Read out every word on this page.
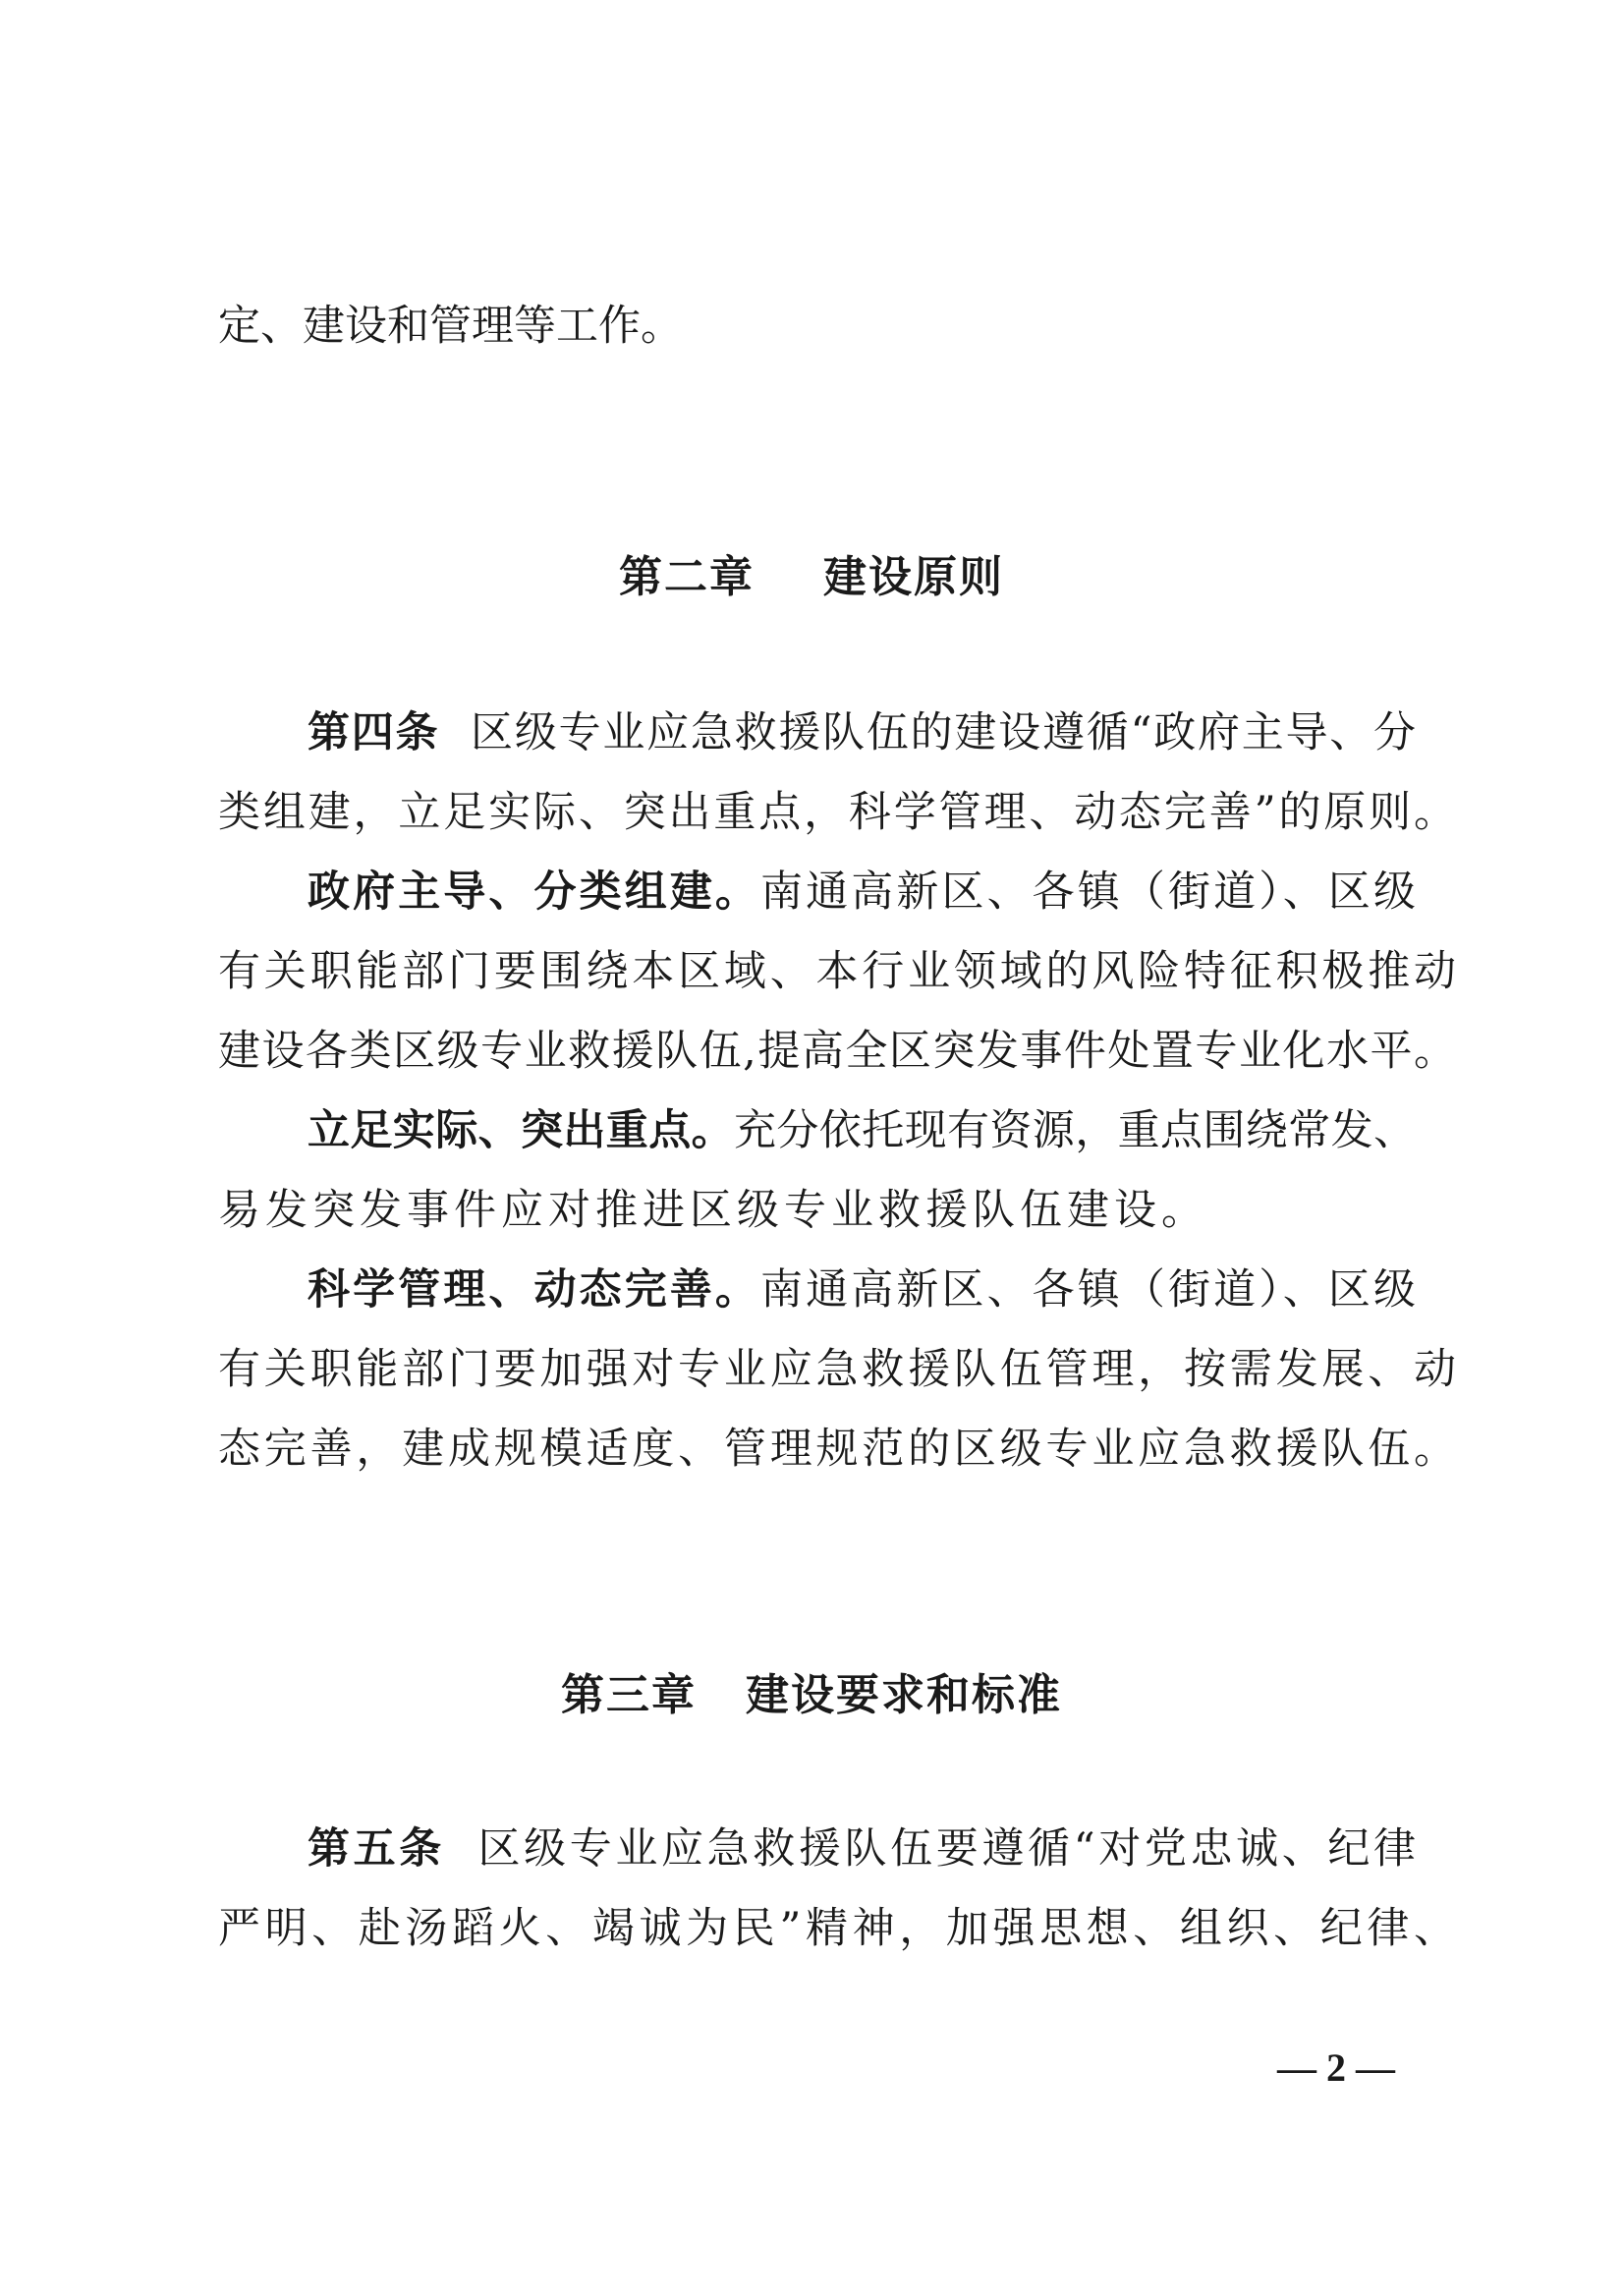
定、建设和管理等工作。
第二章 建设原则
第四条 区级专业应急救援队伍的建设遵循“政府主导、分
类组建，立足实际、突出重点，科学管理、动态完善”的原则。
政府主导、分类组建。南通高新区、各镇（街道）、区级
有关职能部门要围绕本区域、本行业领域的风险特征积极推动
建设各类区级专业救援队伍,提高全区突发事件处置专业化水平。
立足实际、突出重点。充分依托现有资源，重点围绕常发、
易发突发事件应对推进区级专业救援队伍建设。
科学管理、动态完善。南通高新区、各镇（街道）、区级
有关职能部门要加强对专业应急救援队伍管理，按需发展、动
态完善，建成规模适度、管理规范的区级专业应急救援队伍。
第三章 建设要求和标准
第五条 区级专业应急救援队伍要遵循“对党忠诚、纪律
严明、赴汤蹈火、竭诚为民”精神，加强思想、组织、纪律、
— 2 —
